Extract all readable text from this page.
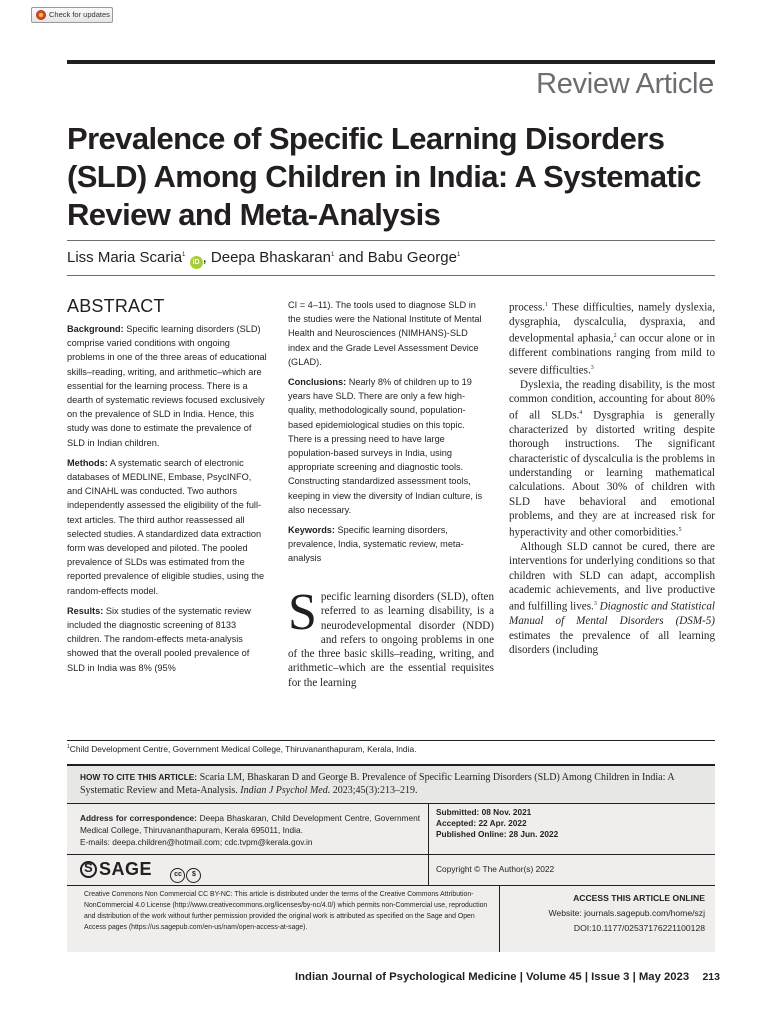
Check for updates
Review Article
Prevalence of Specific Learning Disorders (SLD) Among Children in India: A Systematic Review and Meta-Analysis
Liss Maria Scaria$^1$ iD , Deepa Bhaskaran$^1$ and Babu George$^1$
ABSTRACT

Background: Specific learning disorders (SLD) comprise varied conditions with ongoing problems in one of the three areas of educational skills–reading, writing, and arithmetic–which are essential for the learning process. There is a dearth of systematic reviews focused exclusively on the prevalence of SLD in India. Hence, this study was done to estimate the prevalence of SLD in Indian children.

Methods: A systematic search of electronic databases of MEDLINE, Embase, PsycINFO, and CINAHL was conducted. Two authors independently assessed the eligibility of the full-text articles. The third author reassessed all selected studies. A standardized data extraction form was developed and piloted. The pooled prevalence of SLDs was estimated from the reported prevalence of eligible studies, using the random-effects model.

Results: Six studies of the systematic review included the diagnostic screening of 8133 children. The random-effects meta-analysis showed that the overall pooled prevalence of SLD in India was 8% (95%

CI = 4–11). The tools used to diagnose SLD in the studies were the National Institute of Mental Health and Neurosciences (NIMHANS)-SLD index and the Grade Level Assessment Device (GLAD).

Conclusions: Nearly 8% of children up to 19 years have SLD. There are only a few high-quality, methodologically sound, population-based epidemiological studies on this topic. There is a pressing need to have large population-based surveys in India, using appropriate screening and diagnostic tools. Constructing standardized assessment tools, keeping in view the diversity of Indian culture, is also necessary.

Keywords: Specific learning disorders, prevalence, India, systematic review, meta-analysis

Specific learning disorders (SLD), often referred to as learning disability, is a neurodevelopmental disorder (NDD) and refers to ongoing problems in one of the three basic skills–reading, writing, and arithmetic–which are the essential requisites for the learning

process.$^1$ These difficulties, namely dyslexia, dysgraphia, dyscalculia, dyspraxia, and developmental aphasia,$^2$ can occur alone or in different combinations ranging from mild to severe difficulties.$^3$

Dyslexia, the reading disability, is the most common condition, accounting for about 80% of all SLDs.$^4$ Dysgraphia is generally characterized by distorted writing despite thorough instructions. The significant characteristic of dyscalculia is the problems in understanding or learning mathematical calculations. About 30% of children with SLD have behavioral and emotional problems, and they are at increased risk for hyperactivity and other comorbidities.$^5$

Although SLD cannot be cured, there are interventions for underlying conditions so that children with SLD can adapt, accomplish academic achievements, and live productive and fulfilling lives.$^3$ Diagnostic and Statistical Manual of Mental Disorders (DSM-5) estimates the prevalence of all learning disorders (including

$^1$Child Development Centre, Government Medical College, Thiruvananthapuram, Kerala, India.
HOW TO CITE THIS ARTICLE: Scaria LM, Bhaskaran D and George B. Prevalence of Specific Learning Disorders (SLD) Among Children in India: A Systematic Review and Meta-Analysis. Indian J Psychol Med. 2023;45(3):213–219.
Address for correspondence: Deepa Bhaskaran, Child Development Centre, Government Medical College, Thiruvananthapuram, Kerala 695011, India.
E-mails: deepa.children@hotmail.com; cdc.tvpm@kerala.gov.in
Submitted: 08 Nov. 2021
Accepted: 22 Apr. 2022
Published Online: 28 Jun. 2022
S
SAGE
	cc	$
Copyright © The Author(s) 2022
Creative Commons Non Commercial CC BY-NC: This article is distributed under the terms of the Creative Commons Attribution- NonCommercial 4.0 License (http://www.creativecommons.org/licenses/by-nc/4.0/) which permits non-Commercial use, reproduction and distribution of the work without further permission provided the original work is attributed as specified on the Sage and Open Access pages (https://us.sagepub.com/en-us/nam/open-access-at-sage).
ACCESS THIS ARTICLE ONLINE
Website: journals.sagepub.com/home/szj
DOI:10.1177/02537176221100128
Indian Journal of Psychological Medicine | Volume 45 | Issue 3 | May 2023 213
